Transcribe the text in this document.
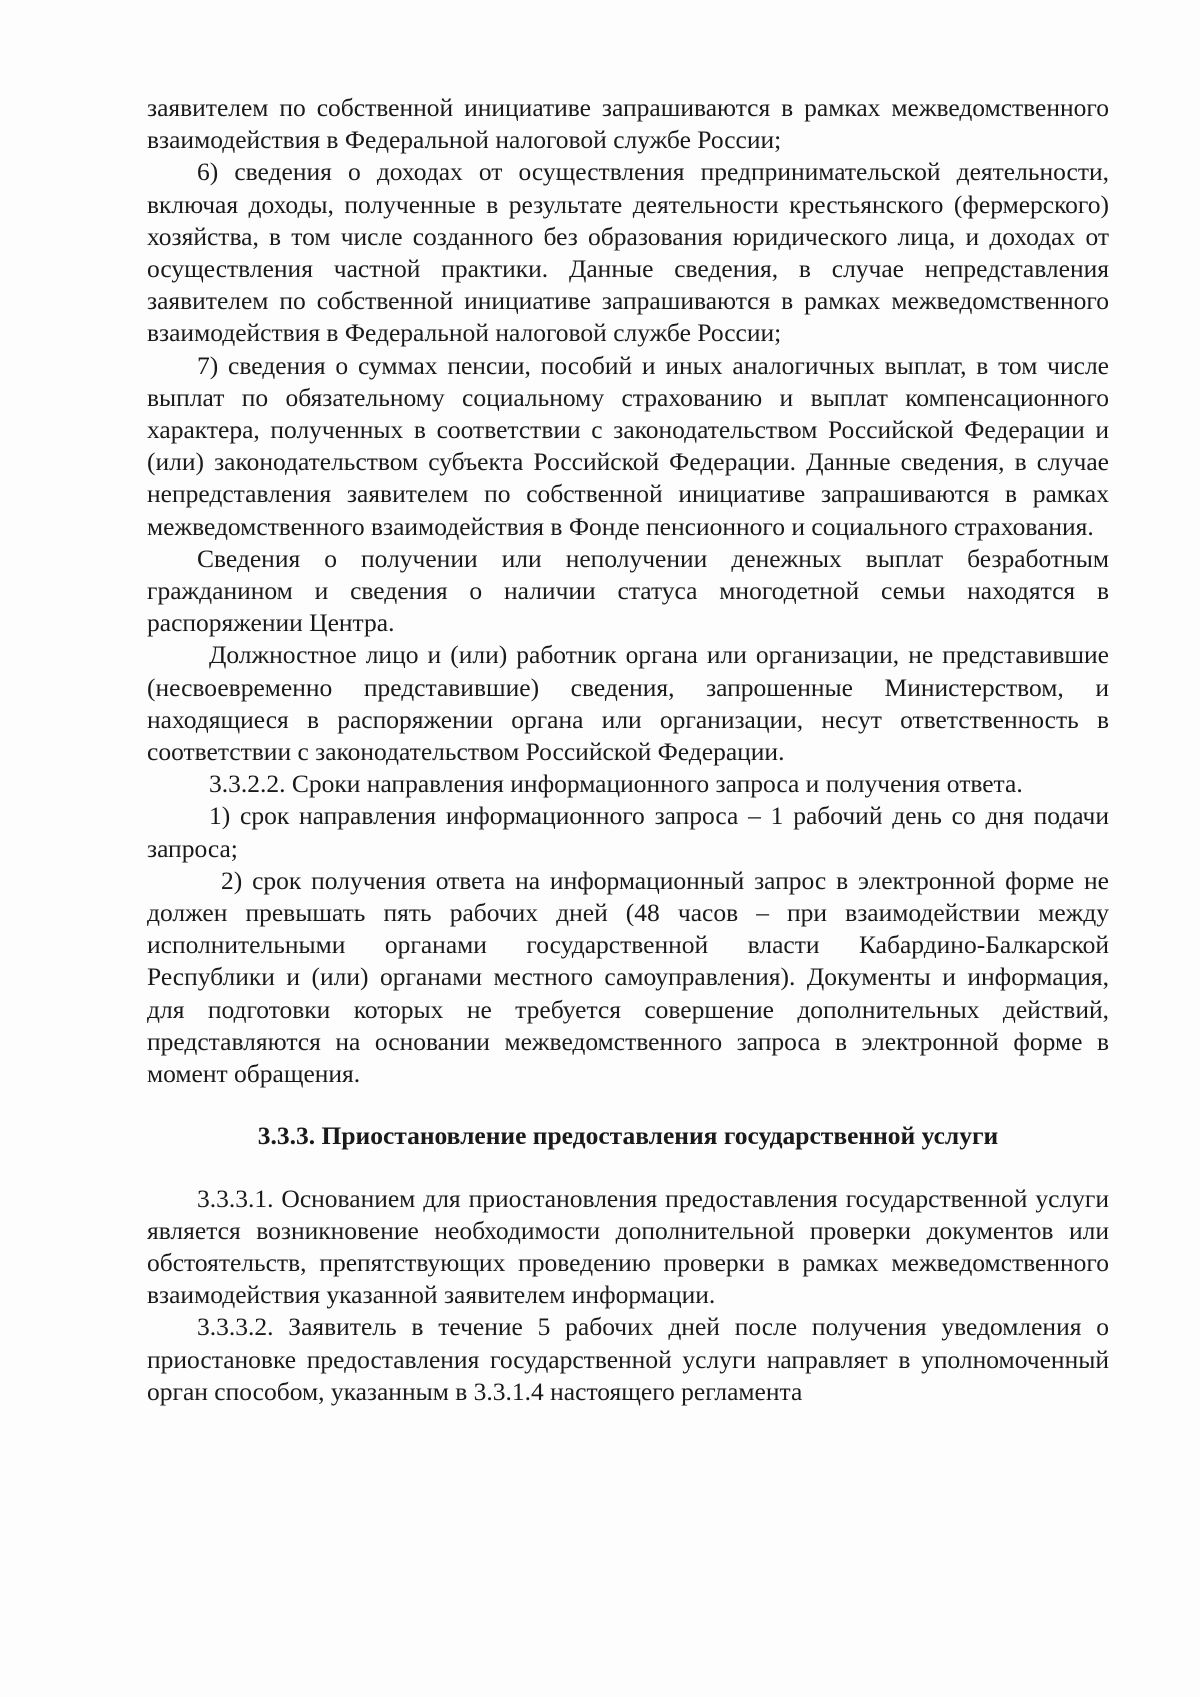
заявителем по собственной инициативе запрашиваются в рамках межведомственного взаимодействия в Федеральной налоговой службе России;

6) сведения о доходах от осуществления предпринимательской деятельности, включая доходы, полученные в результате деятельности крестьянского (фермерского) хозяйства, в том числе созданного без образования юридического лица, и доходах от осуществления частной практики. Данные сведения, в случае непредставления заявителем по собственной инициативе запрашиваются в рамках межведомственного взаимодействия в Федеральной налоговой службе России;

7) сведения о суммах пенсии, пособий и иных аналогичных выплат, в том числе выплат по обязательному социальному страхованию и выплат компенсационного характера, полученных в соответствии с законодательством Российской Федерации и (или) законодательством субъекта Российской Федерации. Данные сведения, в случае непредставления заявителем по собственной инициативе запрашиваются в рамках межведомственного взаимодействия в Фонде пенсионного и социального страхования.

Сведения о получении или неполучении денежных выплат безработным гражданином и сведения о наличии статуса многодетной семьи находятся в распоряжении Центра.

Должностное лицо и (или) работник органа или организации, не представившие (несвоевременно представившие) сведения, запрошенные Министерством, и находящиеся в распоряжении органа или организации, несут ответственность в соответствии с законодательством Российской Федерации.

3.3.2.2. Сроки направления информационного запроса и получения ответа.

1) срок направления информационного запроса – 1 рабочий день со дня подачи запроса;

2) срок получения ответа на информационный запрос в электронной форме не должен превышать пять рабочих дней (48 часов – при взаимодействии между исполнительными органами государственной власти Кабардино-Балкарской Республики и (или) органами местного самоуправления). Документы и информация, для подготовки которых не требуется совершение дополнительных действий, представляются на основании межведомственного запроса в электронной форме в момент обращения.

3.3.3. Приостановление предоставления государственной услуги

3.3.3.1. Основанием для приостановления предоставления государственной услуги является возникновение необходимости дополнительной проверки документов или обстоятельств, препятствующих проведению проверки в рамках межведомственного взаимодействия указанной заявителем информации.

3.3.3.2. Заявитель в течение 5 рабочих дней после получения уведомления о приостановке предоставления государственной услуги направляет в уполномоченный орган способом, указанным в 3.3.1.4 настоящего регламента
